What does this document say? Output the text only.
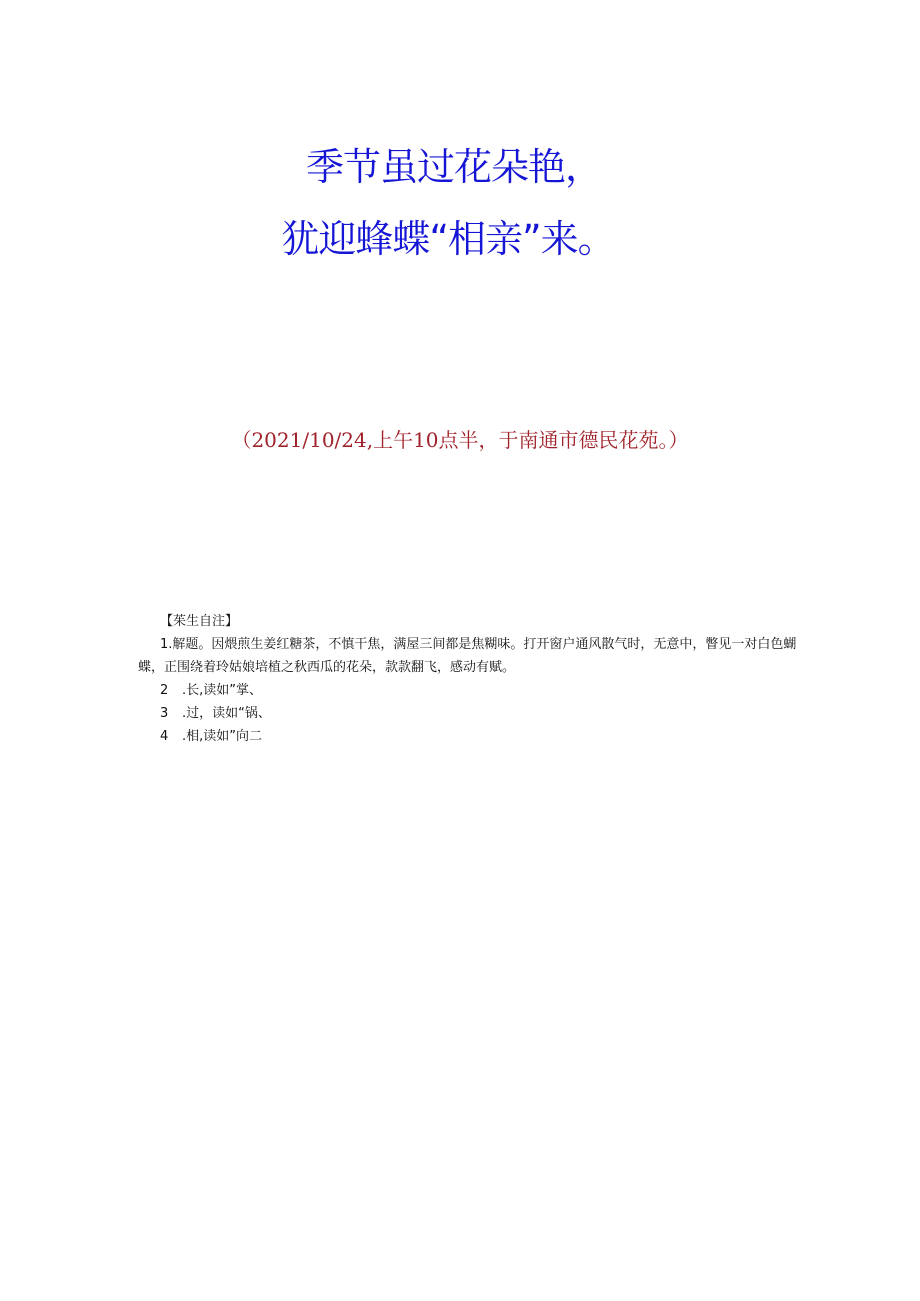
季节虽过花朵艳，
犹迎蜂蝶“相亲”来。
（2021/10/24,上午10点半，于南通市德民花苑。）
【茱生自注】
1.解题。因煨煎生姜红糖茶，不慎干焦，满屋三间都是焦糊味。打开窗户通风散气时，无意中，瞥见一对白色蝴蝶，正围绕着玲姑娘培植之秋西瓜的花朵，款款翻飞，感动有赋。
2 .长,读如”掌、
3 .过，读如“锅、
4 .相,读如”向二
